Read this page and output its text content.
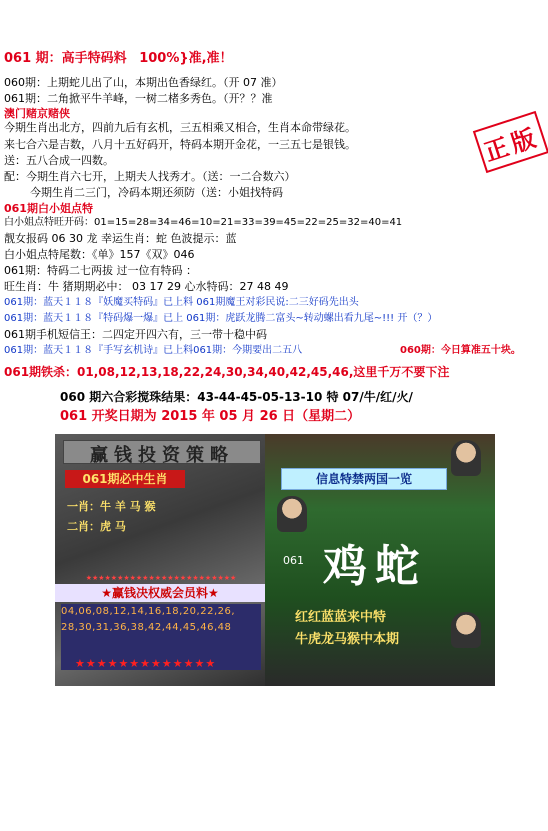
061 期：高手特码料 100%}准,准！
正版
060期：上期蛇儿出了山，本期出色香绿红。（开 07 准）
061期：二角掀平牛羊峰，一树二楮多秀色。（开？？准
澳门赌京赌侠
今期生肖出北方，四前九后有玄机，三五相乘又相合，生肖本命带绿花。
来七合六是吉数，八月十五好码开，特码本期开金花，一三五七是银钱。
送：五八合成一四数。
配：今期生肖六七开，上期夫人找秀才。（送：一二合数六）
今期生肖二三门，冷码本期还须防（送：小姐找特码
061期白小姐点特
白小姐点特旺开码：01=15=28=34=46=10=21=33=39=45=22=25=32=40=41
靓女报码 06 30 龙 幸运生肖：蛇 色波提示：蓝
白小姐点特尾数：《单》157《双》046
061期：特码二七两拔 过一位有特码 ：
旺生肖：牛 猪期期必中： 03 17 29 心水特码：27 48 49
061期：蓝天１１８『妖魔买特码』已上料 061期魔王对彩民说:二三好码先出头
061期：蓝天１１８『特码爆一爆』已上 061期：虎跃龙腾二富头~转动螺出看九尾~!!! 开（？）
061期手机短信王：二四定开四六有，三一带十稳中码
061期：蓝天１１８『手写玄机诗』已上料061期：今期要出二五八	060期：今日算准五十块。
061期铁杀：01,08,12,13,18,22,24,30,34,40,42,45,46,这里千万不要下注
060 期六合彩搅珠结果：43-44-45-05-13-10 特 07/牛/红/火/
061 开奖日期为 2015 年 05 月 26 日（星期二）
赢钱投资策略
061期必中生肖
一肖：牛 羊 马 猴
二肖：虎 马
★★★★★★★★★★★★★★★★★★★★★★★★
★赢钱决权威会员料★
04,06,08,12,14,16,18,20,22,26,
28,30,31,36,38,42,44,45,46,48
★★★★★★★★★★★★★
信息特禁两国一览
061 鸡蛇
红红蓝蓝来中特
牛虎龙马猴中本期
